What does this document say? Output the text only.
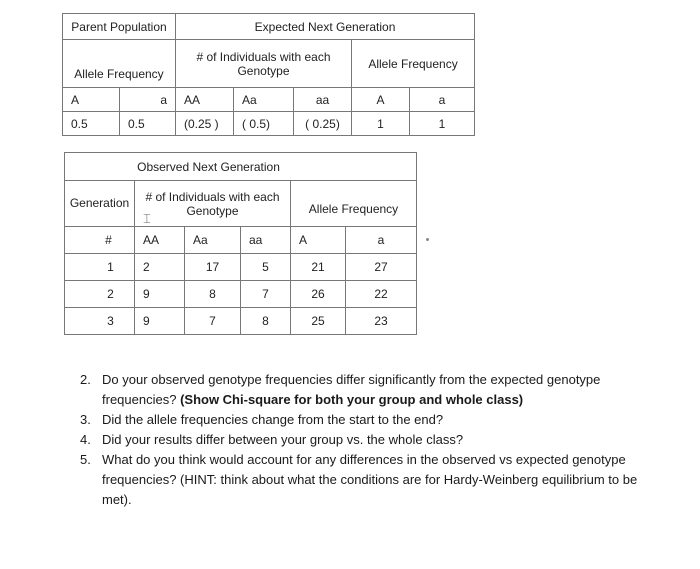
Parent Population		Expected Next Generation				
Allele Frequency		# of Individuals with each
Genotype			Allele Frequency	
A	a	AA	Aa	aa	A	a
0.5	0.5	(0.25 )	( 0.5)	( 0.25)	1	1
Observed Next Generation					
Generation	# of Individuals with each
Genotype			Allele Frequency	
#	AA	Aa	aa	A	a
1	2	17	5	21	27
2	9	8	7	26	22
3	9	7	8	25	23
⌶
2. Do your observed genotype frequencies differ significantly from the expected genotype frequencies? (Show Chi-square for both your group and whole class)
3. Did the allele frequencies change from the start to the end?
4. Did your results differ between your group vs. the whole class?
5. What do you think would account for any differences in the observed vs expected genotype frequencies? (HINT: think about what the conditions are for Hardy-Weinberg equilibrium to be met).
